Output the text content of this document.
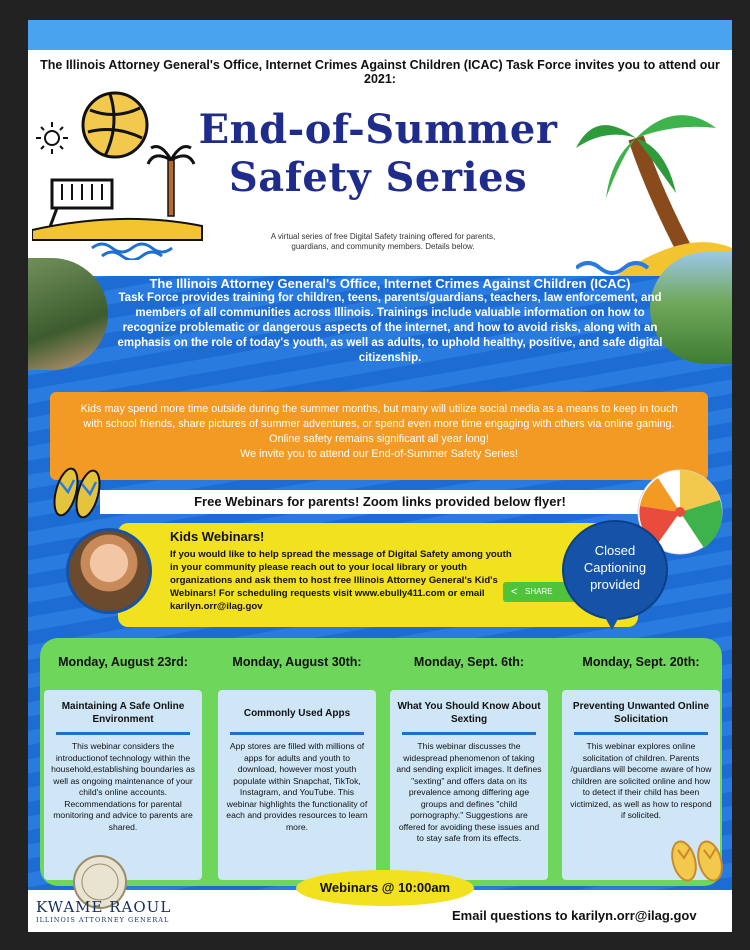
The Illinois Attorney General's Office, Internet Crimes Against Children (ICAC) Task Force invites you to attend our 2021:
End-of-Summer
Safety Series
A virtual series of free Digital Safety training offered for parents, guardians, and community members. Details below.
The Illinois Attorney General's Office, Internet Crimes Against Children (ICAC)
Task Force provides training for children, teens, parents/guardians, teachers, law enforcement, and members of all communities across Illinois. Trainings include valuable information on how to recognize problematic or dangerous aspects of the internet, and how to avoid risks, along with an emphasis on the role of today's youth, as well as adults, to uphold healthy, positive, and safe digital citizenship.
Kids may spend more time outside during the summer months, but many will utilize social media as a means to keep in touch with school friends, share pictures of summer adventures, or spend even more time engaging with others via online gaming. Online safety remains significant all year long!
We invite you to attend our End-of-Summer Safety Series!
Free Webinars for parents! Zoom links provided below flyer!
Kids Webinars!
If you would like to help spread the message of Digital Safety among youth in your community please reach out to your local library or youth organizations and ask them to host free Illinois Attorney General's Kid's Webinars! For scheduling requests visit www.ebully411.com or email karilyn.orr@ilag.gov
< SHARE
Closed
Captioning
provided
Monday, August 23rd:
Maintaining A Safe Online Environment
This webinar considers the introductionof technology within the household,establishing boundaries as well as ongoing maintenance of your child's online accounts. Recommendations for parental monitoring and advice to parents are shared.
Monday, August 30th:
Commonly Used Apps
App stores are filled with millions of apps for adults and youth to download, however most youth populate within Snapchat, TikTok, Instagram, and YouTube. This webinar highlights the functionality of each and provides resources to learn more.
Monday, Sept. 6th:
What You Should Know About Sexting
This webinar discusses the widespread phenomenon of taking and sending explicit images. It defines "sexting" and offers data on its prevalence among differing age groups and defines "child pornography." Suggestions are offered for avoiding these issues and to stay safe from its effects.
Monday, Sept. 20th:
Preventing Unwanted Online Solicitation
This webinar explores online solicitation of children. Parents /guardians will become aware of how children are solicited online and how to detect if their child has been victimized, as well as how to respond if solicited.
Webinars @ 10:00am
KWAME RAOUL
ILLINOIS ATTORNEY GENERAL	Email questions to karilyn.orr@ilag.gov
